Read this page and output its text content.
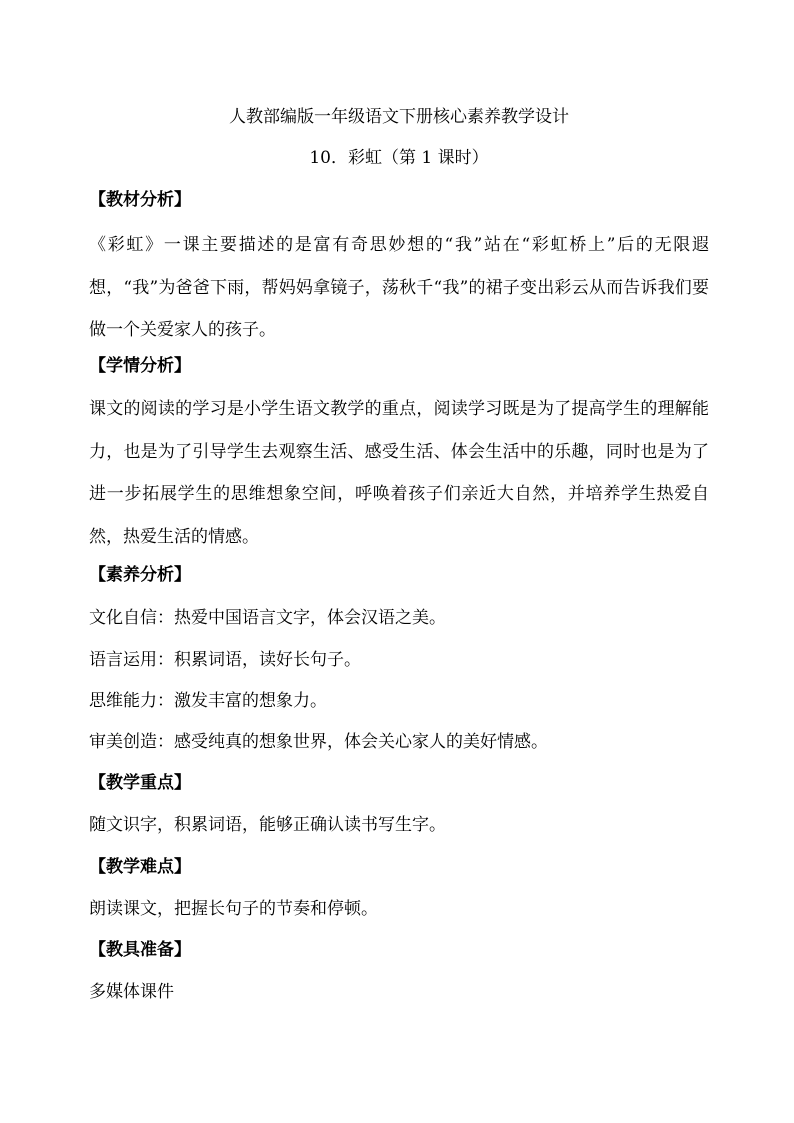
人教部编版一年级语文下册核心素养教学设计
10．彩虹（第 1 课时）
【教材分析】

《彩虹》一课主要描述的是富有奇思妙想的“我”站在“彩虹桥上”后的无限遐想，“我”为爸爸下雨，帮妈妈拿镜子，荡秋千“我”的裙子变出彩云从而告诉我们要做一个关爱家人的孩子。

【学情分析】

课文的阅读的学习是小学生语文教学的重点，阅读学习既是为了提高学生的理解能力，也是为了引导学生去观察生活、感受生活、体会生活中的乐趣，同时也是为了进一步拓展学生的思维想象空间，呼唤着孩子们亲近大自然，并培养学生热爱自然，热爱生活的情感。

【素养分析】
文化自信：热爱中国语言文字，体会汉语之美。
语言运用：积累词语，读好长句子。
思维能力：激发丰富的想象力。
审美创造：感受纯真的想象世界，体会关心家人的美好情感。
【教学重点】
随文识字，积累词语，能够正确认读书写生字。
【教学难点】
朗读课文，把握长句子的节奏和停顿。
【教具准备】
多媒体课件
